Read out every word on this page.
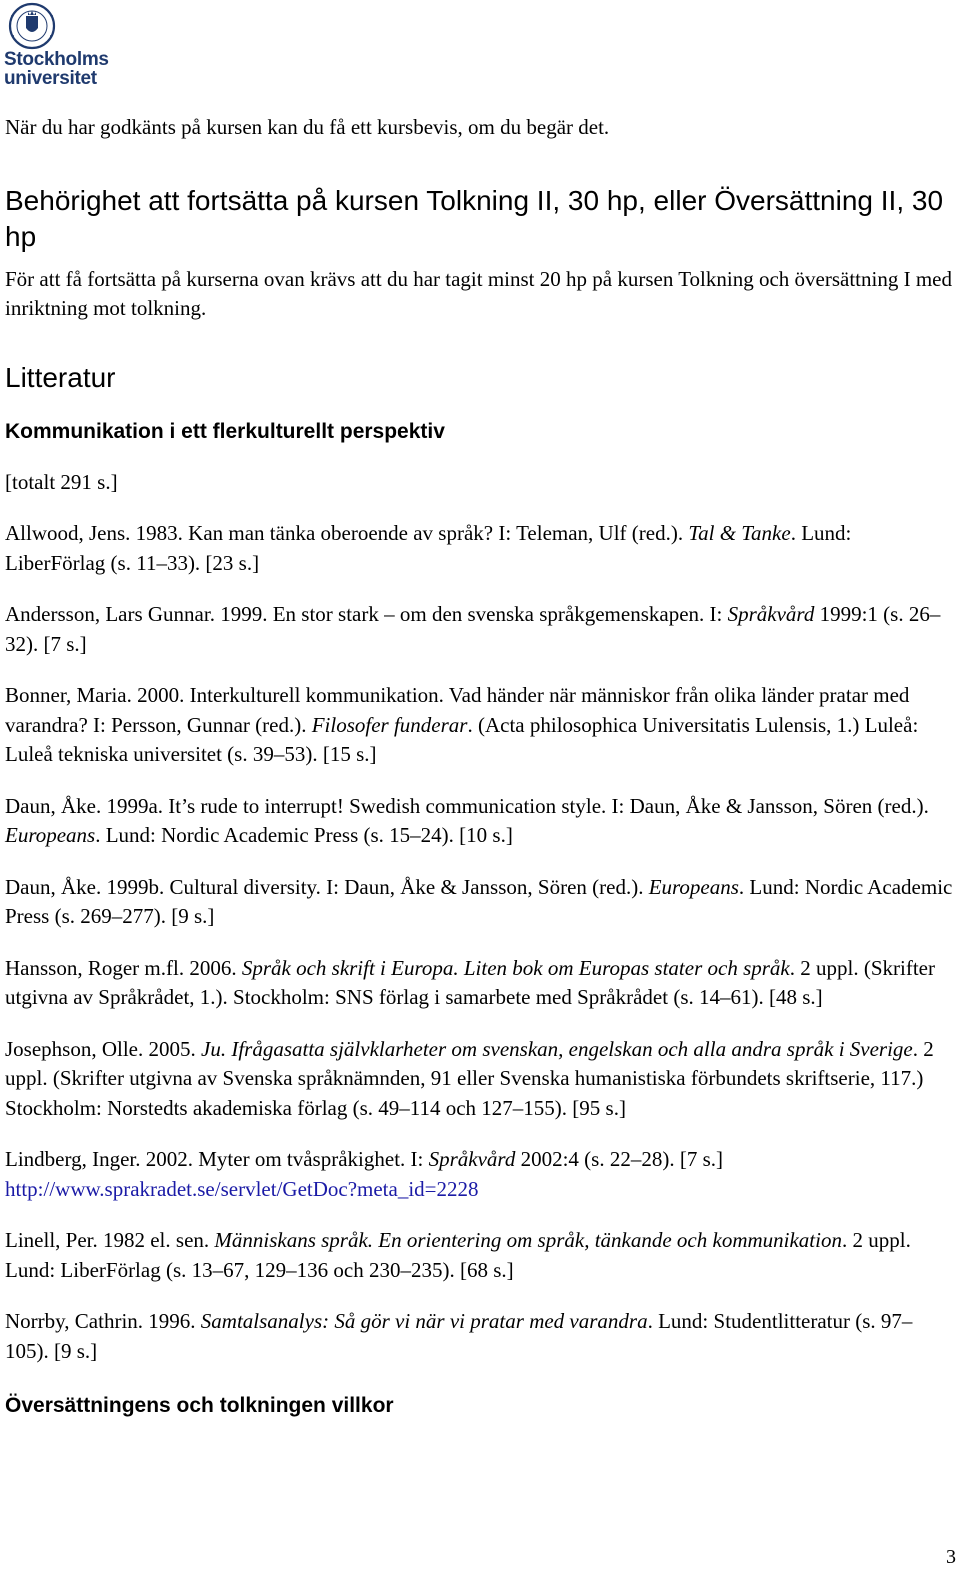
Stockholms
universitet

När du har godkänts på kursen kan du få ett kursbevis, om du begär det.

Behörighet att fortsätta på kursen Tolkning II, 30 hp, eller Översättning II, 30 hp

För att få fortsätta på kurserna ovan krävs att du har tagit minst 20 hp på kursen Tolkning och översättning I med inriktning mot tolkning.

Litteratur

Kommunikation i ett flerkulturellt perspektiv

[totalt 291 s.]

Allwood, Jens. 1983. Kan man tänka oberoende av språk? I: Teleman, Ulf (red.). Tal & Tanke. Lund: LiberFörlag (s. 11–33). [23 s.]

Andersson, Lars Gunnar. 1999. En stor stark – om den svenska språkgemenskapen. I: Språkvård 1999:1 (s. 26–32). [7 s.]

Bonner, Maria. 2000. Interkulturell kommunikation. Vad händer när människor från olika länder pratar med varandra? I: Persson, Gunnar (red.). Filosofer funderar. (Acta philosophica Universitatis Lulensis, 1.) Luleå: Luleå tekniska universitet (s. 39–53). [15 s.]

Daun, Åke. 1999a. It’s rude to interrupt! Swedish communication style. I: Daun, Åke & Jansson, Sören (red.). Europeans. Lund: Nordic Academic Press (s. 15–24). [10 s.]

Daun, Åke. 1999b. Cultural diversity. I: Daun, Åke & Jansson, Sören (red.). Europeans. Lund: Nordic Academic Press (s. 269–277). [9 s.]

Hansson, Roger m.fl. 2006. Språk och skrift i Europa. Liten bok om Europas stater och språk. 2 uppl. (Skrifter utgivna av Språkrådet, 1.). Stockholm: SNS förlag i samarbete med Språkrådet (s. 14–61). [48 s.]

Josephson, Olle. 2005. Ju. Ifrågasatta självklarheter om svenskan, engelskan och alla andra språk i Sverige. 2 uppl. (Skrifter utgivna av Svenska språknämnden, 91 eller Svenska humanistiska förbundets skriftserie, 117.) Stockholm: Norstedts akademiska förlag (s. 49–114 och 127–155). [95 s.]

Lindberg, Inger. 2002. Myter om tvåspråkighet. I: Språkvård 2002:4 (s. 22–28). [7 s.]
http://www.sprakradet.se/servlet/GetDoc?meta_id=2228

Linell, Per. 1982 el. sen. Människans språk. En orientering om språk, tänkande och kommunikation. 2 uppl. Lund: LiberFörlag (s. 13–67, 129–136 och 230–235). [68 s.]

Norrby, Cathrin. 1996. Samtalsanalys: Så gör vi när vi pratar med varandra. Lund: Studentlitteratur (s. 97–105). [9 s.]

Översättningens och tolkningen villkor

3
